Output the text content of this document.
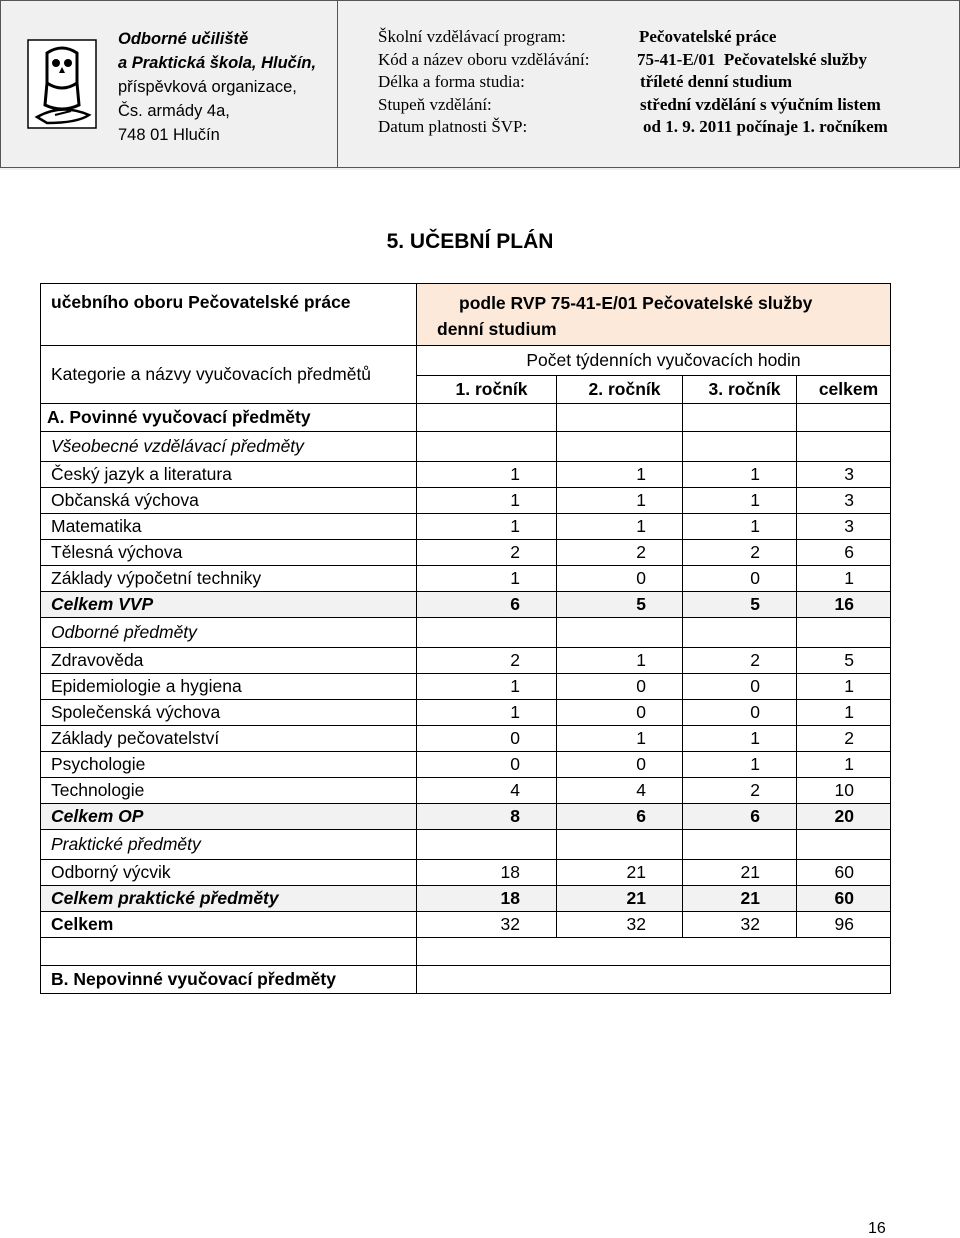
Odborné učiliště
a Praktická škola, Hlučín,
příspěvková organizace,
Čs. armády 4a,
748 01 Hlučín
Školní vzdělávací program:	Pečovatelské práce
Kód a název oboru vzdělávání:	75-41-E/01  Pečovatelské služby
Délka a forma studia:	tříleté denní studium
Stupeň vzdělání:	střední vzdělání s výučním listem
Datum platnosti ŠVP:	od 1. 9. 2011 počínaje 1. ročníkem
5. UČEBNÍ PLÁN
učebního oboru Pečovatelské práce	podle RVP 75-41-E/01 Pečovatelské služby
denní studium			

Kategorie a názvy vyučovacích předmětů	Počet týdenních vyučovacích hodin			
	1. ročník	2. ročník	3. ročník	celkem
A. Povinné vyučovací předměty				
Všeobecné vzdělávací předměty				
Český jazyk a literatura	1	1	1	3
Občanská výchova	1	1	1	3
Matematika	1	1	1	3
Tělesná výchova	2	2	2	6
Základy výpočetní techniky	1	0	0	1
Celkem VVP	6	5	5	16
Odborné předměty				
Zdravověda	2	1	2	5
Epidemiologie a hygiena	1	0	0	1
Společenská výchova	1	0	0	1
Základy pečovatelství	0	1	1	2
Psychologie	0	0	1	1
Technologie	4	4	2	10
Celkem OP	8	6	6	20
Praktické předměty				
Odborný výcvik	18	21	21	60
Celkem praktické předměty	18	21	21	60
Celkem	32	32	32	96

B. Nepovinné vyučovací předměty				
16
